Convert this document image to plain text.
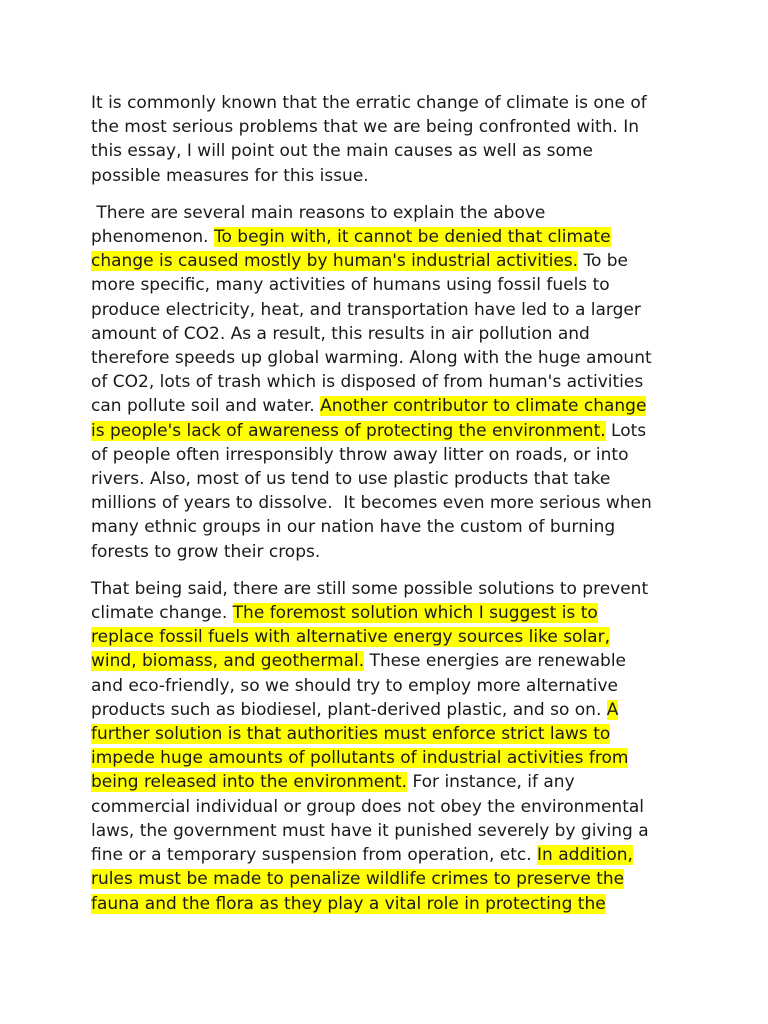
It is commonly known that the erratic change of climate is one of
the most serious problems that we are being confronted with. In
this essay, I will point out the main causes as well as some
possible measures for this issue.
There are several main reasons to explain the above
phenomenon. To begin with, it cannot be denied that climate
change is caused mostly by human's industrial activities. To be
more specific, many activities of humans using fossil fuels to
produce electricity, heat, and transportation have led to a larger
amount of CO2. As a result, this results in air pollution and
therefore speeds up global warming. Along with the huge amount
of CO2, lots of trash which is disposed of from human's activities
can pollute soil and water. Another contributor to climate change
is people's lack of awareness of protecting the environment. Lots
of people often irresponsibly throw away litter on roads, or into
rivers. Also, most of us tend to use plastic products that take
millions of years to dissolve.  It becomes even more serious when
many ethnic groups in our nation have the custom of burning
forests to grow their crops.
That being said, there are still some possible solutions to prevent
climate change. The foremost solution which I suggest is to
replace fossil fuels with alternative energy sources like solar,
wind, biomass, and geothermal. These energies are renewable
and eco-friendly, so we should try to employ more alternative
products such as biodiesel, plant-derived plastic, and so on. A
further solution is that authorities must enforce strict laws to
impede huge amounts of pollutants of industrial activities from
being released into the environment. For instance, if any
commercial individual or group does not obey the environmental
laws, the government must have it punished severely by giving a
fine or a temporary suspension from operation, etc. In addition,
rules must be made to penalize wildlife crimes to preserve the
fauna and the flora as they play a vital role in protecting the
